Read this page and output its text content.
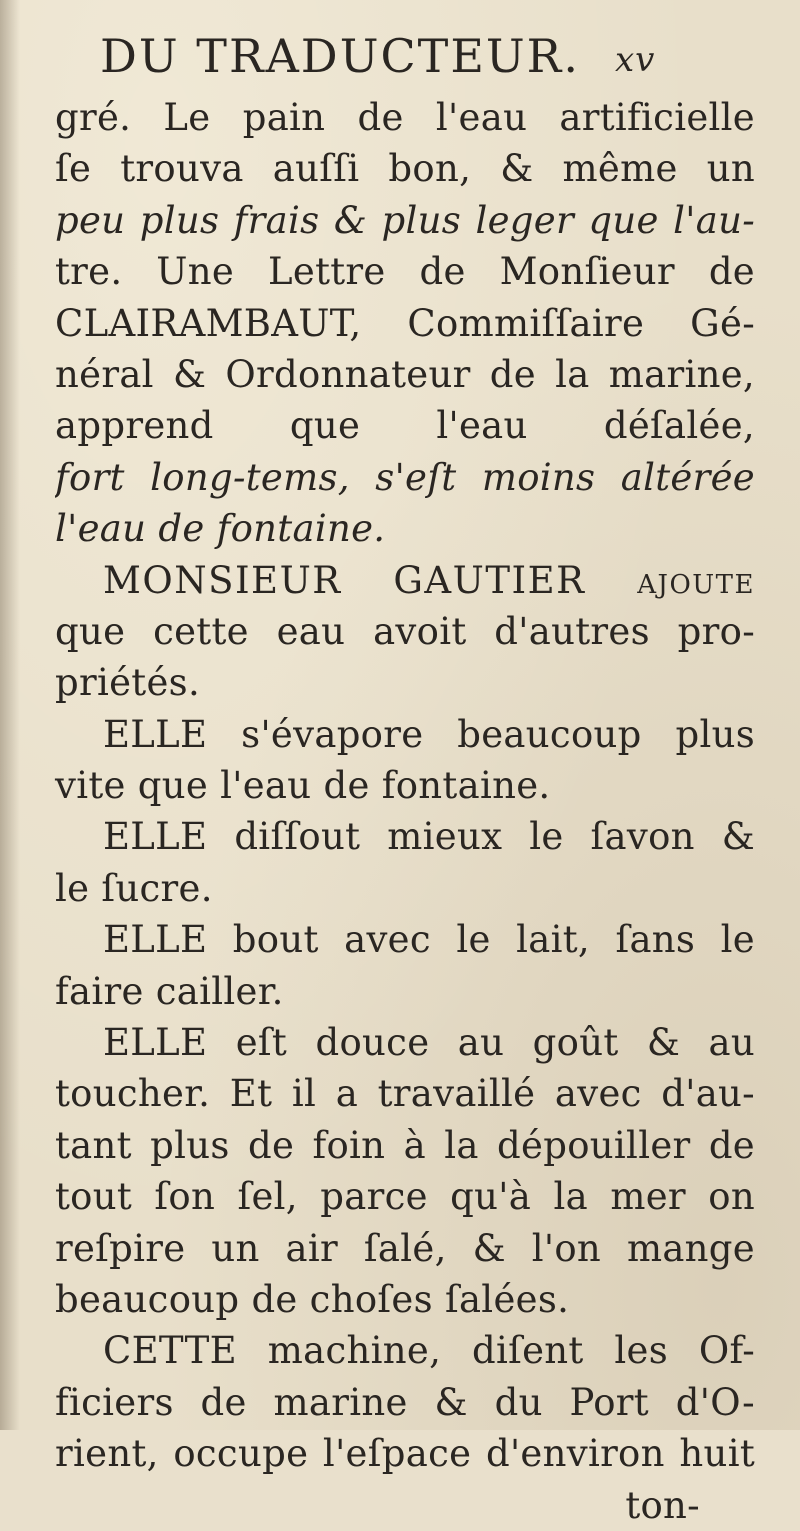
DU TRADUCTEUR. xv
gré. Le pain de l'eau artificielle
ſe trouva auſſi bon, & même un
peu plus frais & plus leger que l'au-
tre. Une Lettre de Monſieur de
CLAIRAMBAUT, Commiſſaire Gé-
néral & Ordonnateur de la marine,
apprend que l'eau déſalée,
fort long-tems, s'eſt moins altérée
l'eau de fontaine.
MONSIEUR GAUTIER ajoute
que cette eau avoit d'autres pro-
priétés.
ELLE s'évapore beaucoup plus
vite que l'eau de fontaine.
ELLE diſſout mieux le ſavon &
le ſucre.
ELLE bout avec le lait, ſans le
faire cailler.
ELLE eſt douce au goût & au
toucher. Et il a travaillé avec d'au-
tant plus de foin à la dépouiller de
tout ſon ſel, parce qu'à la mer on
reſpire un air ſalé, & l'on mange
beaucoup de choſes ſalées.
CETTE machine, diſent les Of-
ficiers de marine & du Port d'O-
rient, occupe l'eſpace d'environ huit
ton-
